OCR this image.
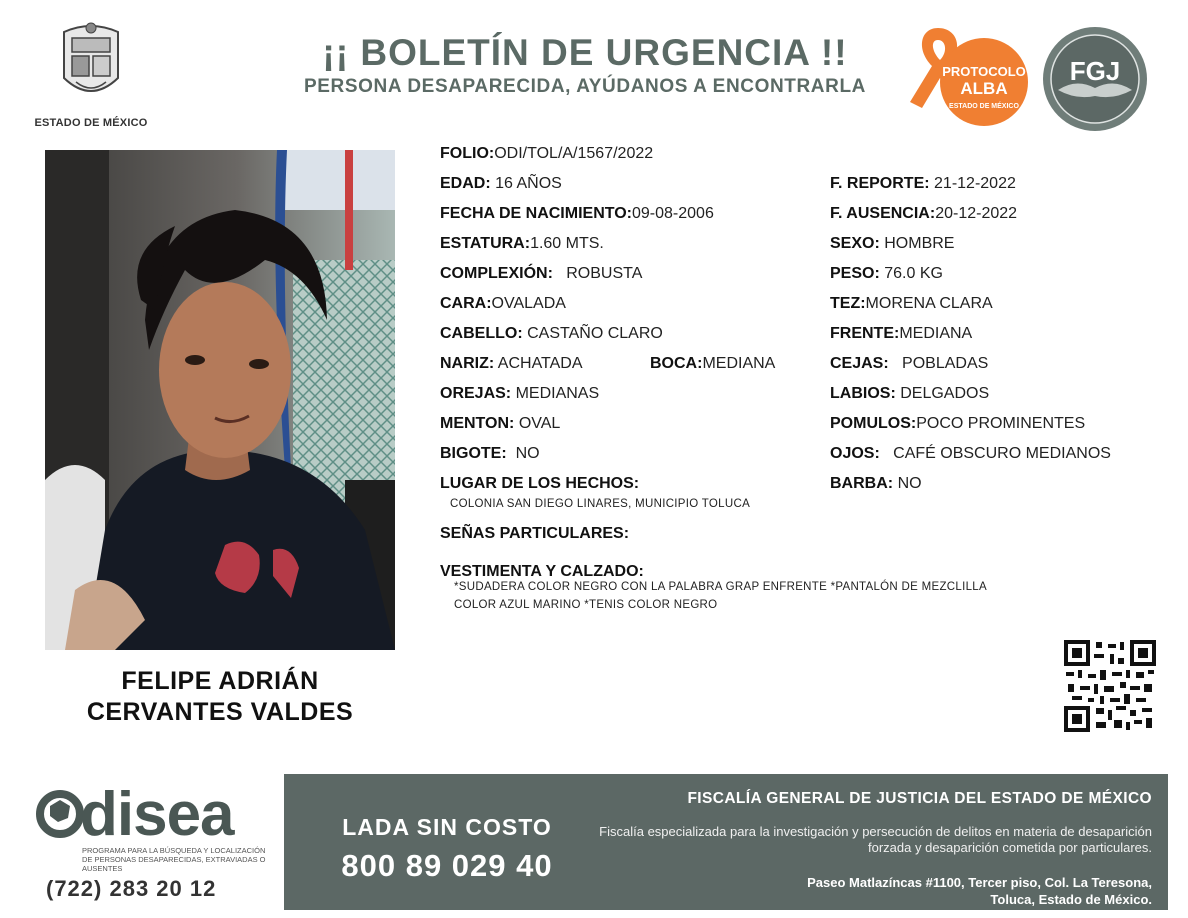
ESTADO DE MÉXICO
¡¡ BOLETÍN DE URGENCIA !!
PERSONA DESAPARECIDA, AYÚDANOS A ENCONTRARLA
PROTOCOLO
ALBA
ESTADO DE MÉXICO
FGJ
FELIPE ADRIÁN
CERVANTES VALDES
FOLIO:ODI/TOL/A/1567/2022
EDAD: 16 AÑOS
FECHA DE NACIMIENTO:09-08-2006
ESTATURA:1.60 MTS.
COMPLEXIÓN: ROBUSTA
CARA:OVALADA
CABELLO: CASTAÑO CLARO
NARIZ: ACHATADA	BOCA:MEDIANA
OREJAS: MEDIANAS
MENTON: OVAL
BIGOTE: NO
LUGAR DE LOS HECHOS:
COLONIA SAN DIEGO LINARES, MUNICIPIO TOLUCA
SEÑAS PARTICULARES:
VESTIMENTA Y CALZADO:
*SUDADERA COLOR NEGRO CON LA PALABRA GRAP ENFRENTE *PANTALÓN DE MEZCLILLA
COLOR AZUL MARINO *TENIS COLOR NEGRO
F. REPORTE: 21-12-2022
F. AUSENCIA:20-12-2022
SEXO: HOMBRE
PESO: 76.0 KG
TEZ:MORENA CLARA
FRENTE:MEDIANA
CEJAS: POBLADAS
LABIOS: DELGADOS
POMULOS:POCO PROMINENTES
OJOS: CAFÉ OBSCURO MEDIANOS
BARBA: NO
disea
PROGRAMA PARA LA BÚSQUEDA Y LOCALIZACIÓN DE PERSONAS DESAPARECIDAS, EXTRAVIADAS O AUSENTES
(722) 283 20 12
LADA SIN COSTO
800 89 029 40
FISCALÍA GENERAL DE JUSTICIA DEL ESTADO DE MÉXICO
Fiscalía especializada para la investigación y persecución de delitos en materia de desaparición forzada y desaparición cometida por particulares.
Paseo Matlazíncas #1100, Tercer piso, Col. La Teresona,
Toluca, Estado de México.
